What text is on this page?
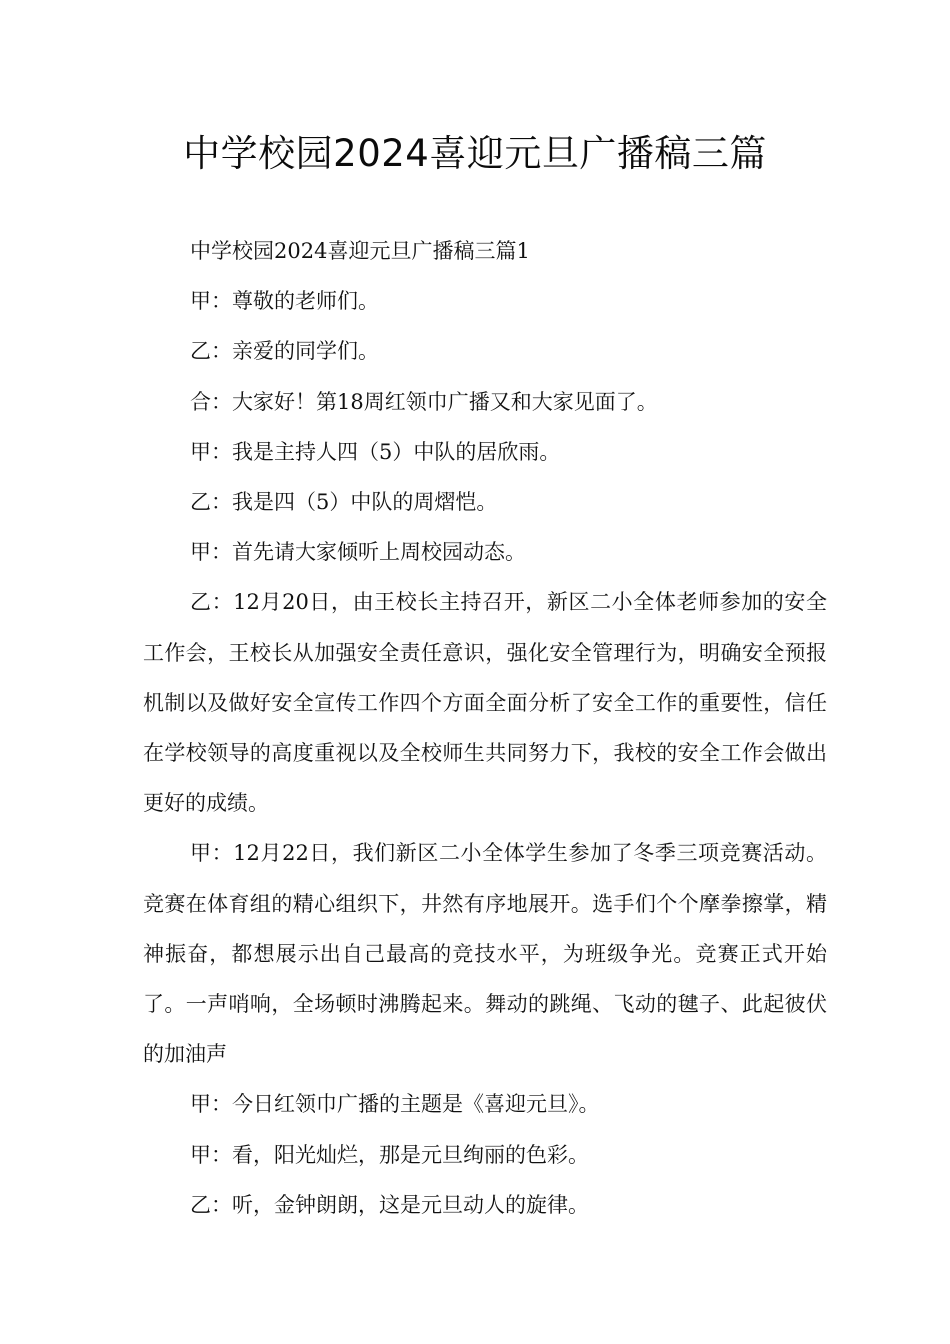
中学校园2024喜迎元旦广播稿三篇

中学校园2024喜迎元旦广播稿三篇1

甲：尊敬的老师们。

乙：亲爱的同学们。

合：大家好！第18周红领巾广播又和大家见面了。

甲：我是主持人四（5）中队的居欣雨。

乙：我是四（5）中队的周熠恺。

甲：首先请大家倾听上周校园动态。

乙：12月20日，由王校长主持召开，新区二小全体老师参加的安全工作会，王校长从加强安全责任意识，强化安全管理行为，明确安全预报机制以及做好安全宣传工作四个方面全面分析了安全工作的重要性，信任在学校领导的高度重视以及全校师生共同努力下，我校的安全工作会做出更好的成绩。

甲：12月22日，我们新区二小全体学生参加了冬季三项竞赛活动。竞赛在体育组的精心组织下，井然有序地展开。选手们个个摩拳擦掌，精神振奋，都想展示出自己最高的竞技水平，为班级争光。竞赛正式开始了。一声哨响，全场顿时沸腾起来。舞动的跳绳、飞动的毽子、此起彼伏的加油声

甲：今日红领巾广播的主题是《喜迎元旦》。

甲：看，阳光灿烂，那是元旦绚丽的色彩。

乙：听，金钟朗朗，这是元旦动人的旋律。
